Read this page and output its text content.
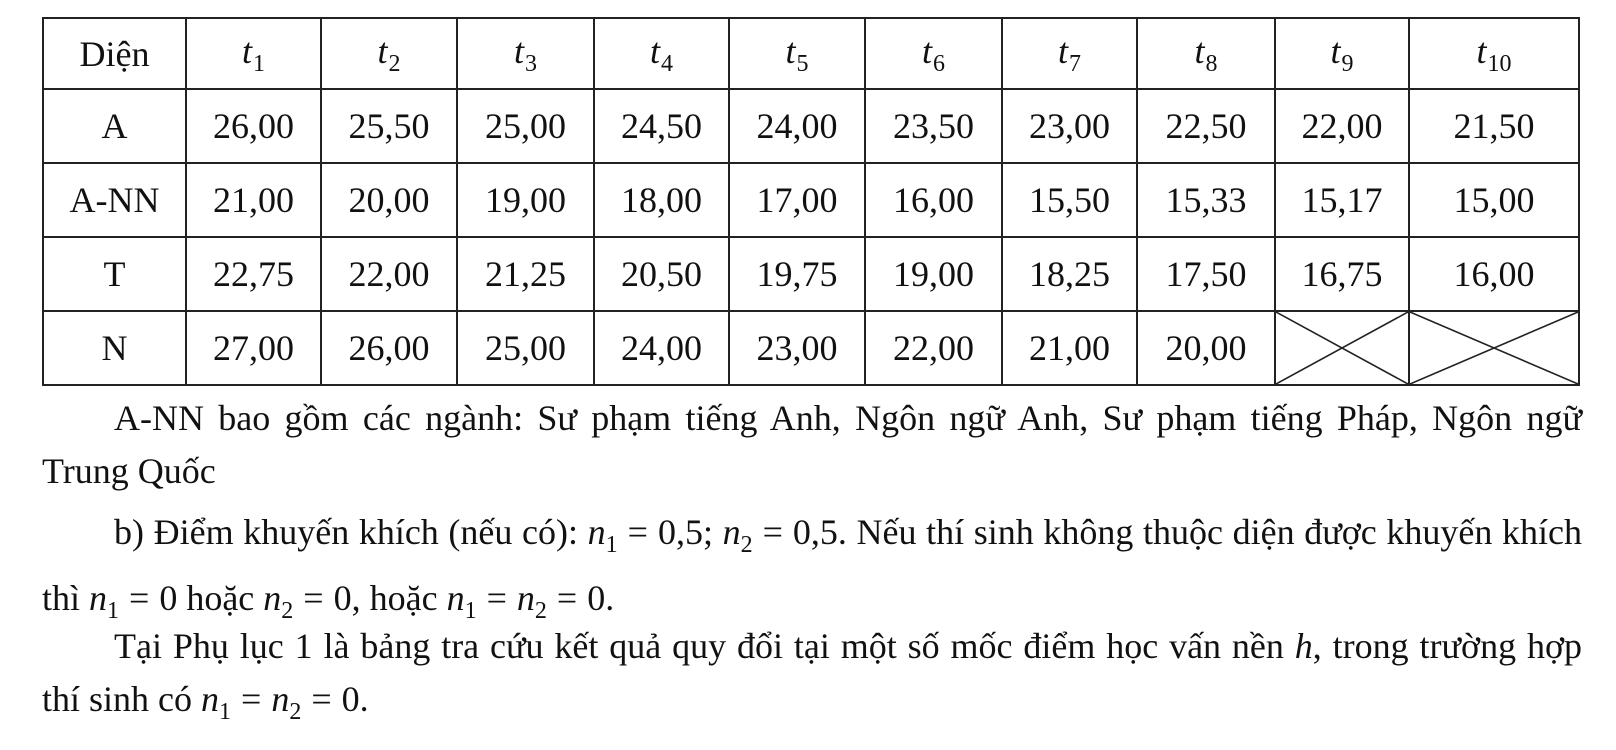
Diện	$t_1$	$t_2$	$t_3$	$t_4$	$t_5$	$t_6$	$t_7$	$t_8$	$t_9$	$t_{10}$
A	26,00	25,50	25,00	24,50	24,00	23,50	23,00	22,50	22,00	21,50
A-NN	21,00	20,00	19,00	18,00	17,00	16,00	15,50	15,33	15,17	15,00
T	22,75	22,00	21,25	20,50	19,75	19,00	18,25	17,50	16,75	16,00
N	27,00	26,00	25,00	24,00	23,00	22,00	21,00	20,00	

A-NN bao gồm các ngành: Sư phạm tiếng Anh, Ngôn ngữ Anh, Sư phạm tiếng Pháp, Ngôn ngữ Trung Quốc

b) Điểm khuyến khích (nếu có): $n_1 = 0,5$; $n_2 = 0,5$. Nếu thí sinh không thuộc diện được khuyến khích thì $n_1 = 0$ hoặc $n_2 = 0$, hoặc $n_1 = n_2 = 0$.

Tại Phụ lục 1 là bảng tra cứu kết quả quy đổi tại một số mốc điểm học vấn nền h, trong trường hợp thí sinh có $n_1 = n_2 = 0$.
